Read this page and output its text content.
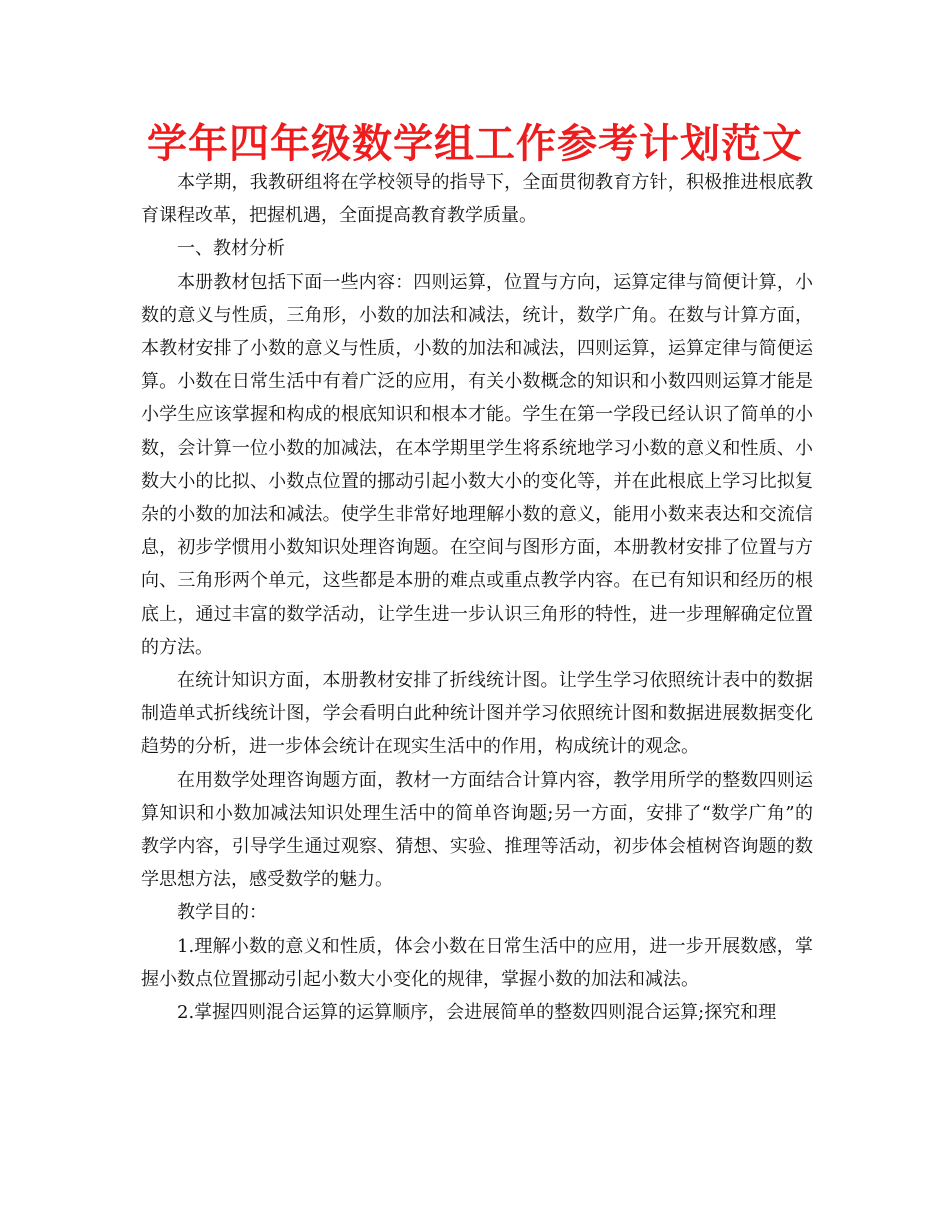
学年四年级数学组工作参考计划范文

本学期，我教研组将在学校领导的指导下，全面贯彻教育方针，积极推进根底教育课程改革，把握机遇，全面提高教育教学质量。

一、教材分析

本册教材包括下面一些内容：四则运算，位置与方向，运算定律与简便计算，小数的意义与性质，三角形，小数的加法和减法，统计，数学广角。在数与计算方面，本教材安排了小数的意义与性质，小数的加法和减法，四则运算，运算定律与简便运算。小数在日常生活中有着广泛的应用，有关小数概念的知识和小数四则运算才能是小学生应该掌握和构成的根底知识和根本才能。学生在第一学段已经认识了简单的小数，会计算一位小数的加减法，在本学期里学生将系统地学习小数的意义和性质、小数大小的比拟、小数点位置的挪动引起小数大小的变化等，并在此根底上学习比拟复杂的小数的加法和减法。使学生非常好地理解小数的意义，能用小数来表达和交流信息，初步学惯用小数知识处理咨询题。在空间与图形方面，本册教材安排了位置与方向、三角形两个单元，这些都是本册的难点或重点教学内容。在已有知识和经历的根底上，通过丰富的数学活动，让学生进一步认识三角形的特性，进一步理解确定位置的方法。

在统计知识方面，本册教材安排了折线统计图。让学生学习依照统计表中的数据制造单式折线统计图，学会看明白此种统计图并学习依照统计图和数据进展数据变化趋势的分析，进一步体会统计在现实生活中的作用，构成统计的观念。

在用数学处理咨询题方面，教材一方面结合计算内容，教学用所学的整数四则运算知识和小数加减法知识处理生活中的简单咨询题;另一方面，安排了“数学广角”的教学内容，引导学生通过观察、猜想、实验、推理等活动，初步体会植树咨询题的数学思想方法，感受数学的魅力。

教学目的：

1.理解小数的意义和性质，体会小数在日常生活中的应用，进一步开展数感，掌握小数点位置挪动引起小数大小变化的规律，掌握小数的加法和减法。

2.掌握四则混合运算的运算顺序，会进展简单的整数四则混合运算;探究和理
